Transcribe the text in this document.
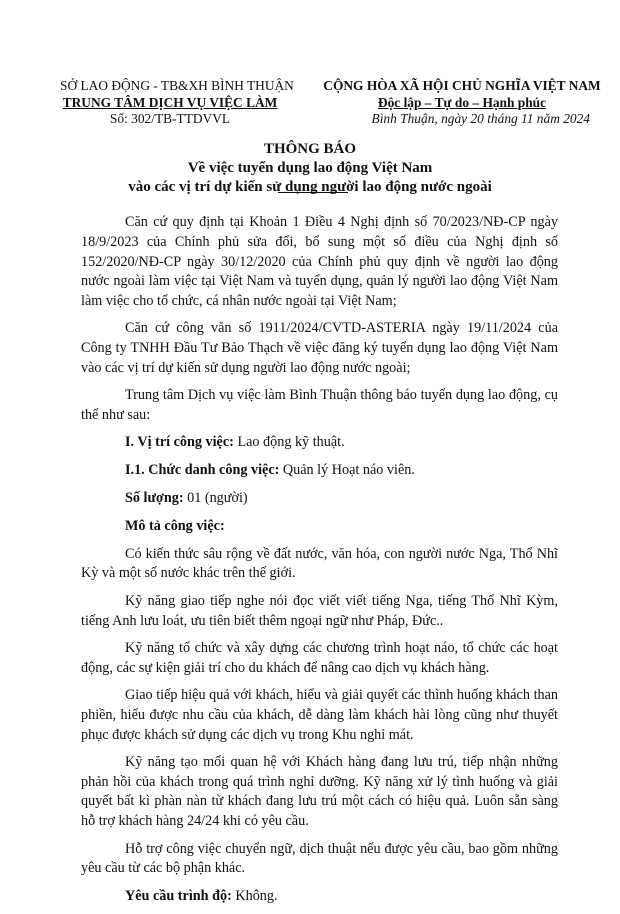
SỞ LAO ĐỘNG - TB&XH BÌNH THUẬN
TRUNG TÂM DỊCH VỤ VIỆC LÀM
Số: 302/TB-TTDVVL
CỘNG HÒA XÃ HỘI CHỦ NGHĨA VIỆT NAM
Độc lập – Tự do – Hạnh phúc
Bình Thuận, ngày 20 tháng 11 năm 2024
THÔNG BÁO
Về việc tuyển dụng lao động Việt Nam
vào các vị trí dự kiến sử dụng người lao động nước ngoài

Căn cứ quy định tại Khoản 1 Điều 4 Nghị định số 70/2023/NĐ-CP ngày 18/9/2023 của Chính phủ sửa đổi, bổ sung một số điều của Nghị định số 152/2020/NĐ-CP ngày 30/12/2020 của Chính phủ quy định về người lao động nước ngoài làm việc tại Việt Nam và tuyển dụng, quản lý người lao động Việt Nam làm việc cho tổ chức, cá nhân nước ngoài tại Việt Nam;

Căn cứ công văn số 1911/2024/CVTD-ASTERIA ngày 19/11/2024 của Công ty TNHH Đầu Tư Bảo Thạch về việc đăng ký tuyển dụng lao động Việt Nam vào các vị trí dự kiến sử dụng người lao động nước ngoài;

Trung tâm Dịch vụ việc làm Bình Thuận thông báo tuyển dụng lao động, cụ thể như sau:

I. Vị trí công việc: Lao động kỹ thuật.

I.1. Chức danh công việc: Quản lý Hoạt náo viên.

Số lượng: 01 (người)

Mô tả công việc:

Có kiến thức sâu rộng về đất nước, văn hóa, con người nước Nga, Thổ Nhĩ Kỳ và một số nước khác trên thế giới.

Kỹ năng giao tiếp nghe nói đọc viết viết tiếng Nga, tiếng Thổ Nhĩ Kỳm, tiếng Anh lưu loát, ưu tiên biết thêm ngoại ngữ như Pháp, Đức..

Kỹ năng tổ chức và xây dựng các chương trình hoạt náo, tổ chức các hoạt động, các sự kiện giải trí cho du khách để nâng cao dịch vụ khách hàng.

Giao tiếp hiệu quả với khách, hiểu và giải quyết các thình huống khách than phiền, hiểu được nhu cầu của khách, dễ dàng làm khách hài lòng cũng như thuyết phục được khách sử dụng các dịch vụ trong Khu nghỉ mát.

Kỹ năng tạo mối quan hệ với Khách hàng đang lưu trú, tiếp nhận những phản hồi của khách trong quá trình nghỉ dưỡng. Kỹ năng xử lý tình huống và giải quyết bất kì phàn nàn từ khách đang lưu trú một cách có hiệu quả. Luôn sẵn sàng hỗ trợ khách hàng 24/24 khi có yêu cầu.

Hỗ trợ công việc chuyển ngữ, dịch thuật nếu được yêu cầu, bao gồm những yêu cầu từ các bộ phận khác.

Yêu cầu trình độ: Không.
